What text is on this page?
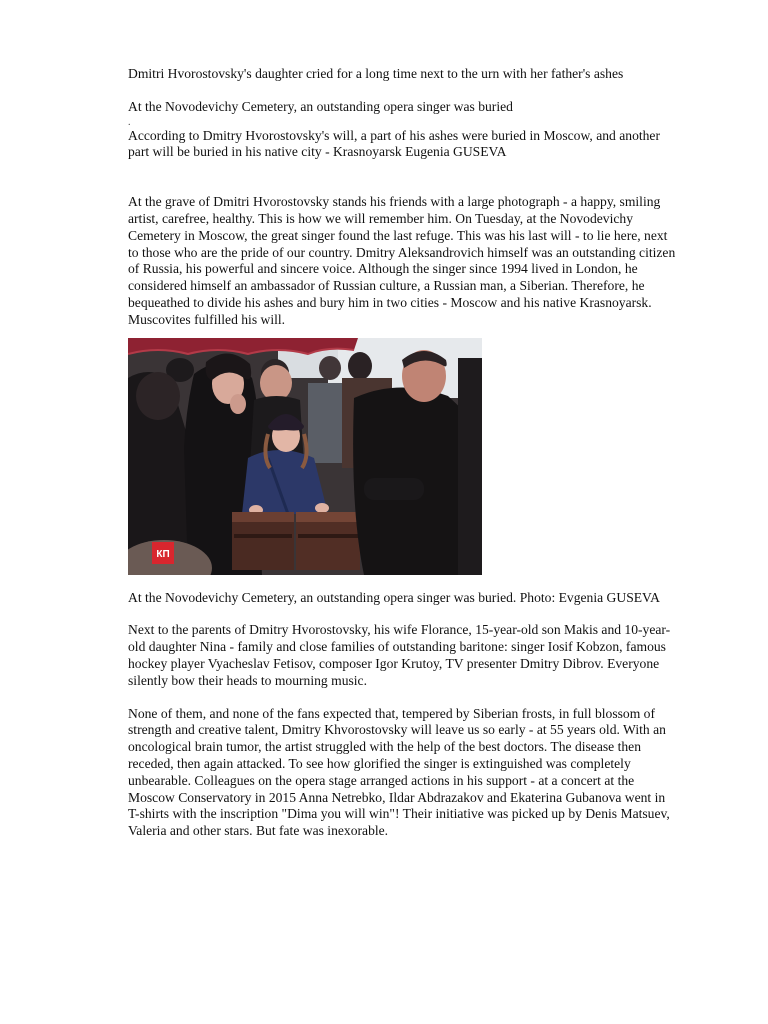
Dmitri Hvorostovsky's daughter cried for a long time next to the urn with her father's ashes

At the Novodevichy Cemetery, an outstanding opera singer was buried

.

According to Dmitry Hvorostovsky's will, a part of his ashes were buried in Moscow, and another part will be buried in his native city - Krasnoyarsk Eugenia GUSEVA

At the grave of Dmitri Hvorostovsky stands his friends with a large photograph - a happy, smiling artist, carefree, healthy. This is how we will remember him. On Tuesday, at the Novodevichy Cemetery in Moscow, the great singer found the last refuge. This was his last will - to lie here, next to those who are the pride of our country. Dmitry Aleksandrovich himself was an outstanding citizen of Russia, his powerful and sincere voice. Although the singer since 1994 lived in London, he considered himself an ambassador of Russian culture, a Russian man, a Siberian. Therefore, he bequeathed to divide his ashes and bury him in two cities - Moscow and his native Krasnoyarsk. Muscovites fulfilled his will.

КП

At the Novodevichy Cemetery, an outstanding opera singer was buried. Photo: Evgenia GUSEVA

Next to the parents of Dmitry Hvorostovsky, his wife Florance, 15-year-old son Makis and 10-year-old daughter Nina - family and close families of outstanding baritone: singer Iosif Kobzon, famous hockey player Vyacheslav Fetisov, composer Igor Krutoy, TV presenter Dmitry Dibrov. Everyone silently bow their heads to mourning music.

None of them, and none of the fans expected that, tempered by Siberian frosts, in full blossom of strength and creative talent, Dmitry Khvorostovsky will leave us so early - at 55 years old. With an oncological brain tumor, the artist struggled with the help of the best doctors. The disease then receded, then again attacked. To see how glorified the singer is extinguished was completely unbearable. Colleagues on the opera stage arranged actions in his support - at a concert at the Moscow Conservatory in 2015 Anna Netrebko, Ildar Abdrazakov and Ekaterina Gubanova went in T-shirts with the inscription "Dima you will win"! Their initiative was picked up by Denis Matsuev, Valeria and other stars. But fate was inexorable.
